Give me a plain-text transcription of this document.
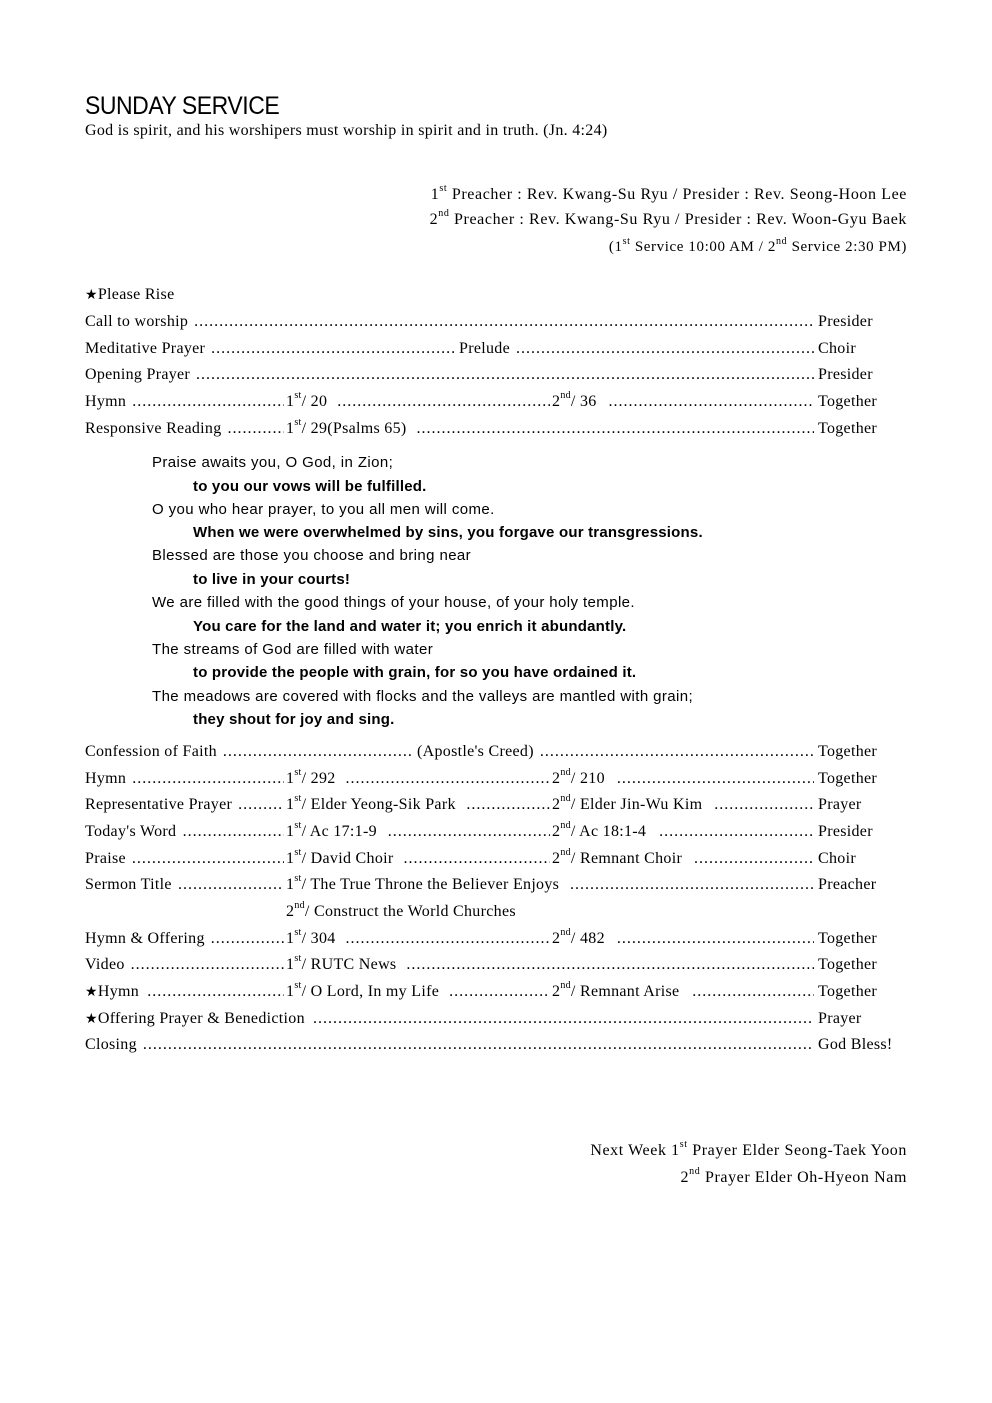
SUNDAY SERVICE
God is spirit, and his worshipers must worship in spirit and in truth. (Jn. 4:24)
1st Preacher : Rev. Kwang-Su Ryu / Presider : Rev. Seong-Hoon Lee
2nd Preacher : Rev. Kwang-Su Ryu / Presider : Rev. Woon-Gyu Baek
(1st Service 10:00 AM / 2nd Service 2:30 PM)
★Please Rise
Call to worship .....	Presider
Meditative Prayer	Prelude ..... .....	Choir
Opening Prayer .....	Presider
Hymn	1st/ 20	2nd/ 36 ..... ..... .....	Together
Responsive Reading	1st/ 29(Psalms 65) ..... .....	Together
Praise awaits you, O God, in Zion;
to you our vows will be fulfilled.
O you who hear prayer, to you all men will come.
When we were overwhelmed by sins, you forgave our transgressions.
Blessed are those you choose and bring near
to live in your courts!
We are filled with the good things of your house, of your holy temple.
You care for the land and water it; you enrich it abundantly.
The streams of God are filled with water
to provide the people with grain, for so you have ordained it.
The meadows are covered with flocks and the valleys are mantled with grain;
they shout for joy and sing.
Confession of Faith	(Apostle's Creed) ..... .....	Together
Hymn	1st/ 292	2nd/ 210 ..... ..... .....	Together
Representative Prayer	1st/ Elder Yeong-Sik Park	2nd/ Elder Jin-Wu Kim ..... ..... .....	Prayer
Today's Word	1st/ Ac 17:1-9	2nd/ Ac 18:1-4 ..... ..... .....	Presider
Praise	1st/ David Choir	2nd/ Remnant Choir ..... ..... .....	Choir
Sermon Title	1st/ The True Throne the Believer Enjoys ..... .....	Preacher
2nd/ Construct the World Churches
Hymn & Offering	1st/ 304	2nd/ 482 ..... ..... .....	Together
Video	1st/ RUTC News ..... .....	Together
★Hymn	1st/ O Lord, In my Life	2nd/ Remnant Arise ..... ..... .....	Together
★Offering Prayer & Benediction .....	Prayer
Closing .....	God Bless!
Next Week 1st Prayer Elder Seong-Taek Yoon
2nd Prayer Elder Oh-Hyeon Nam
